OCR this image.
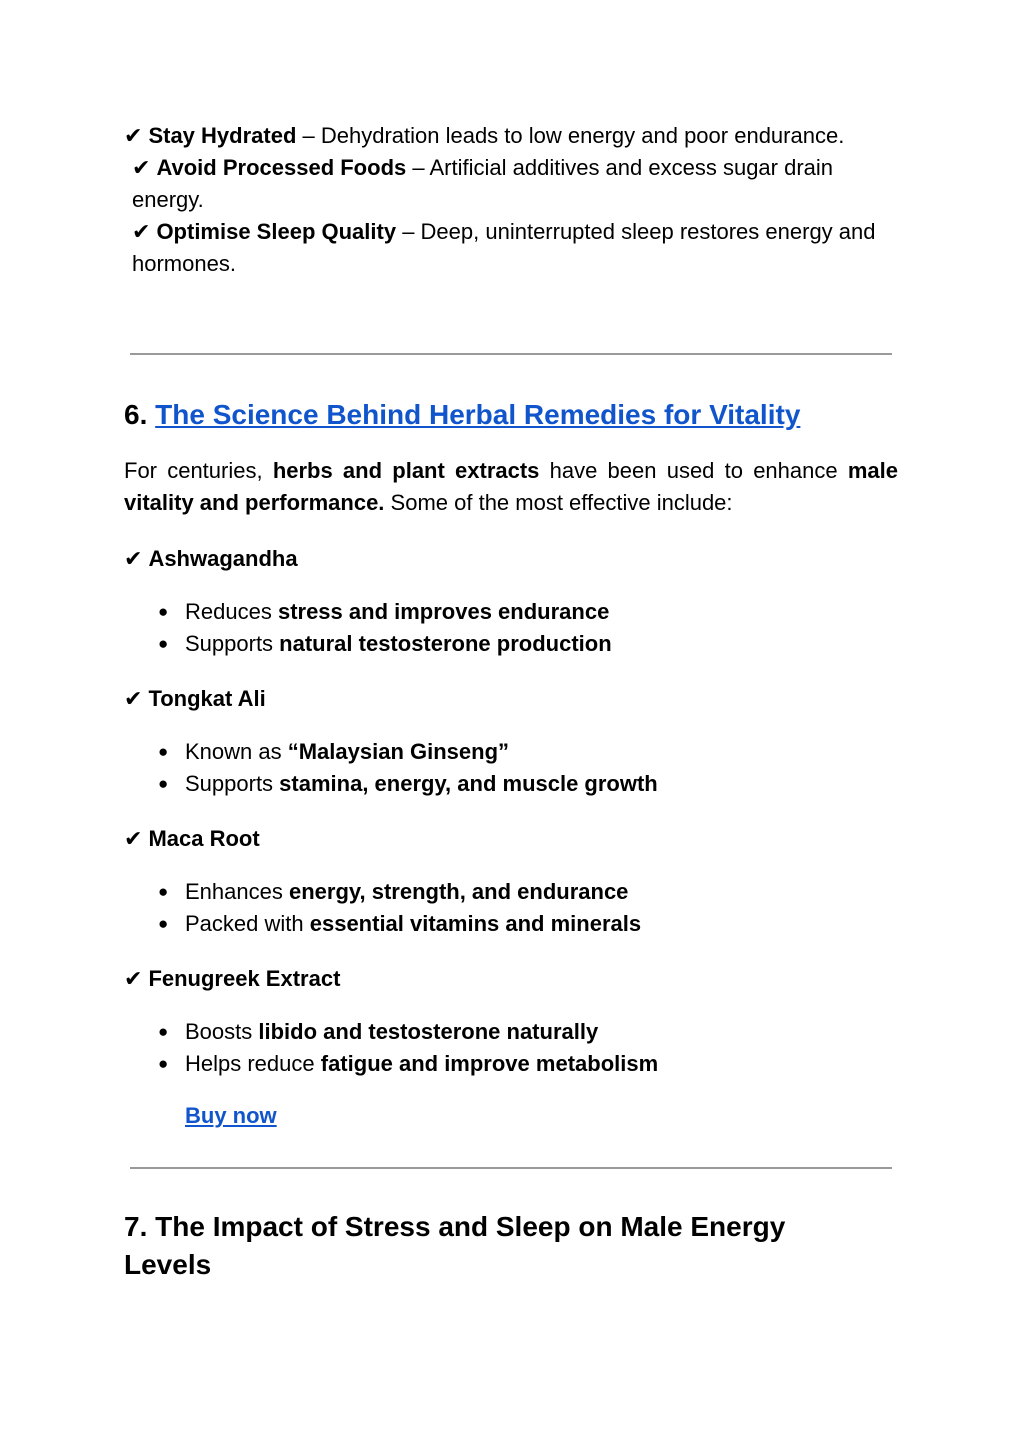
✔ Stay Hydrated – Dehydration leads to low energy and poor endurance.
✔ Avoid Processed Foods – Artificial additives and excess sugar drain energy.
✔ Optimise Sleep Quality – Deep, uninterrupted sleep restores energy and hormones.
6. The Science Behind Herbal Remedies for Vitality

For centuries, herbs and plant extracts have been used to enhance male vitality and performance. Some of the most effective include:

✔ Ashwagandha

● Reduces stress and improves endurance
● Supports natural testosterone production

✔ Tongkat Ali

● Known as “Malaysian Ginseng”
● Supports stamina, energy, and muscle growth

✔ Maca Root

● Enhances energy, strength, and endurance
● Packed with essential vitamins and minerals

✔ Fenugreek Extract

● Boosts libido and testosterone naturally
● Helps reduce fatigue and improve metabolism
Buy now
7. The Impact of Stress and Sleep on Male Energy Levels
